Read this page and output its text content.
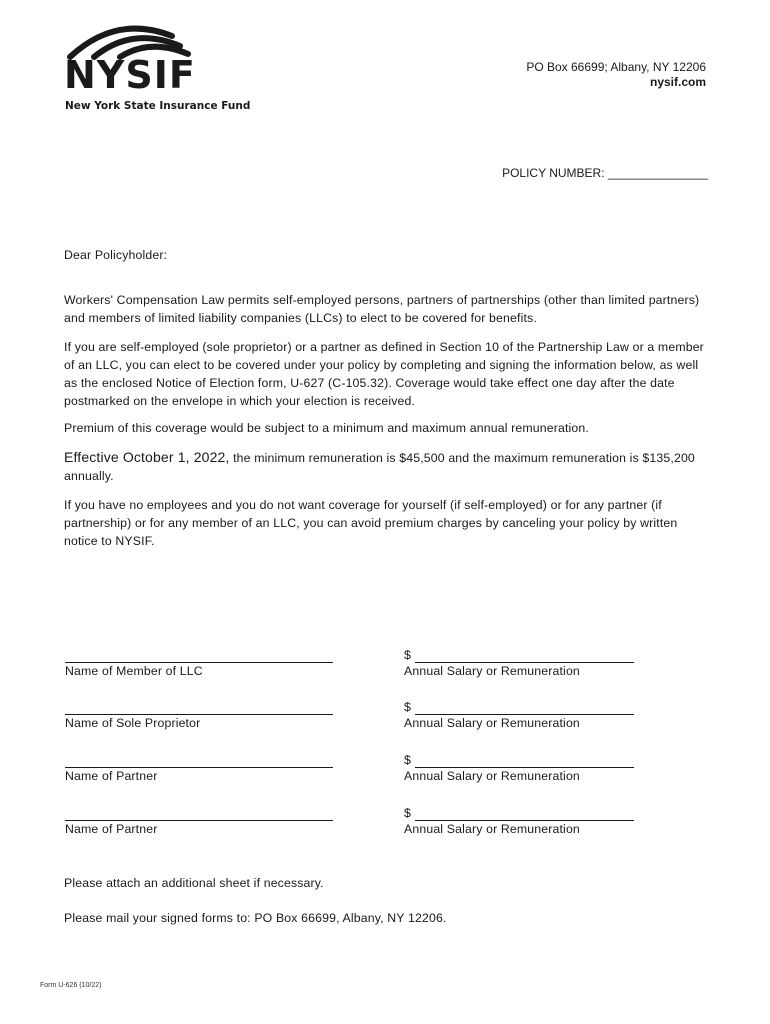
NYSIF
New York State Insurance Fund
PO Box 66699; Albany, NY 12206
nysif.com
POLICY NUMBER: _______________
Dear Policyholder:

Workers' Compensation Law permits self-employed persons, partners of partnerships (other than limited partners) and members of limited liability companies (LLCs) to elect to be covered for benefits.

If you are self-employed (sole proprietor) or a partner as defined in Section 10 of the Partnership Law or a member of an LLC, you can elect to be covered under your policy by completing and signing the information below, as well as the enclosed Notice of Election form, U-627 (C-105.32). Coverage would take effect one day after the date postmarked on the envelope in which your election is received.

Premium of this coverage would be subject to a minimum and maximum annual remuneration.

Effective October 1, 2022, the minimum remuneration is $45,500 and the maximum remuneration is $135,200 annually.

If you have no employees and you do not want coverage for yourself (if self-employed) or for any partner (if partnership) or for any member of an LLC, you can avoid premium charges by canceling your policy by written notice to NYSIF.

Name of Member of LLC
$
Annual Salary or Remuneration
Name of Sole Proprietor
$
Annual Salary or Remuneration
Name of Partner
$
Annual Salary or Remuneration
Name of Partner
$
Annual Salary or Remuneration
Please attach an additional sheet if necessary.
Please mail your signed forms to: PO Box 66699, Albany, NY 12206.
Form U-626 (10/22)
